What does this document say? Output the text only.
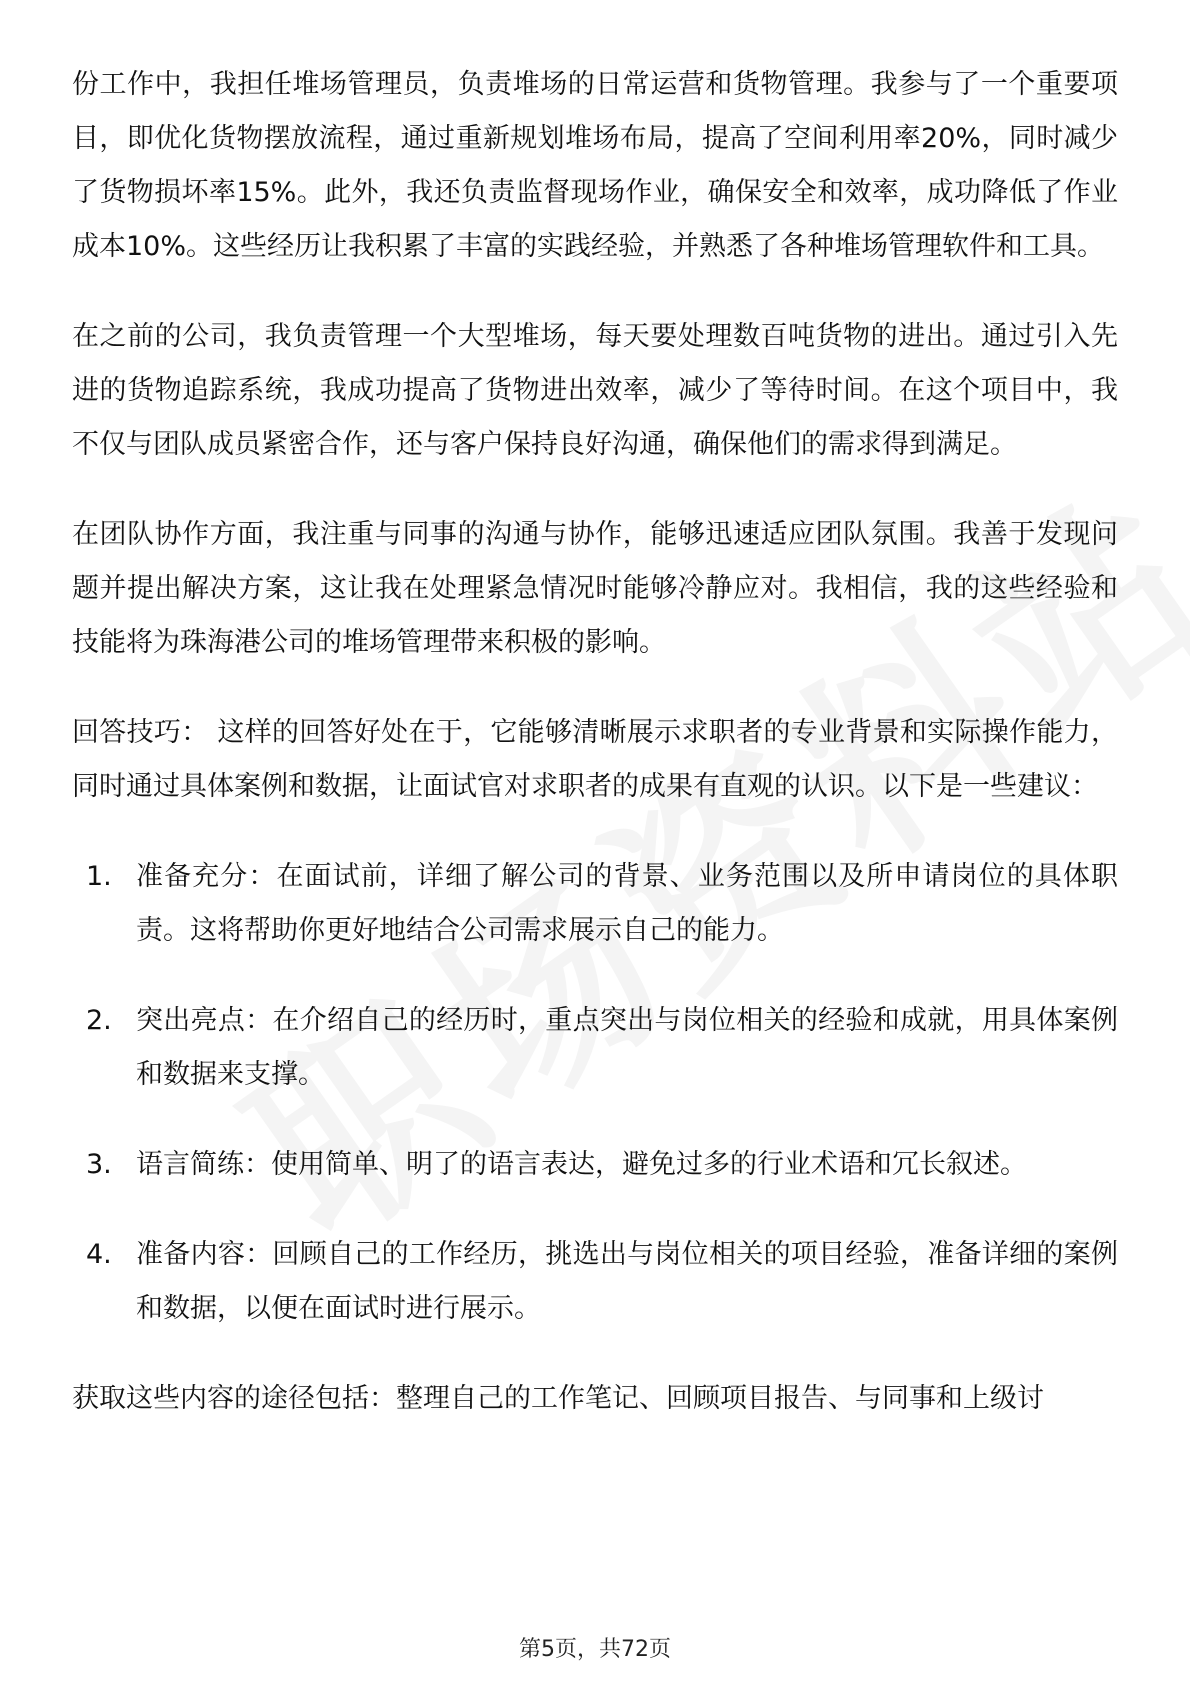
份工作中，我担任堆场管理员，负责堆场的日常运营和货物管理。我参与了一个重要项目，即优化货物摆放流程，通过重新规划堆场布局，提高了空间利用率20%，同时减少了货物损坏率15%。此外，我还负责监督现场作业，确保安全和效率，成功降低了作业成本10%。这些经历让我积累了丰富的实践经验，并熟悉了各种堆场管理软件和工具。

在之前的公司，我负责管理一个大型堆场，每天要处理数百吨货物的进出。通过引入先进的货物追踪系统，我成功提高了货物进出效率，减少了等待时间。在这个项目中，我不仅与团队成员紧密合作，还与客户保持良好沟通，确保他们的需求得到满足。

在团队协作方面，我注重与同事的沟通与协作，能够迅速适应团队氛围。我善于发现问题并提出解决方案，这让我在处理紧急情况时能够冷静应对。我相信，我的这些经验和技能将为珠海港公司的堆场管理带来积极的影响。

回答技巧： 这样的回答好处在于，它能够清晰展示求职者的专业背景和实际操作能力，同时通过具体案例和数据，让面试官对求职者的成果有直观的认识。以下是一些建议：

1. 准备充分：在面试前，详细了解公司的背景、业务范围以及所申请岗位的具体职责。这将帮助你更好地结合公司需求展示自己的能力。
2. 突出亮点：在介绍自己的经历时，重点突出与岗位相关的经验和成就，用具体案例和数据来支撑。
3. 语言简练：使用简单、明了的语言表达，避免过多的行业术语和冗长叙述。
4. 准备内容：回顾自己的工作经历，挑选出与岗位相关的项目经验，准备详细的案例和数据，以便在面试时进行展示。

获取这些内容的途径包括：整理自己的工作笔记、回顾项目报告、与同事和上级讨

第5页，共72页
